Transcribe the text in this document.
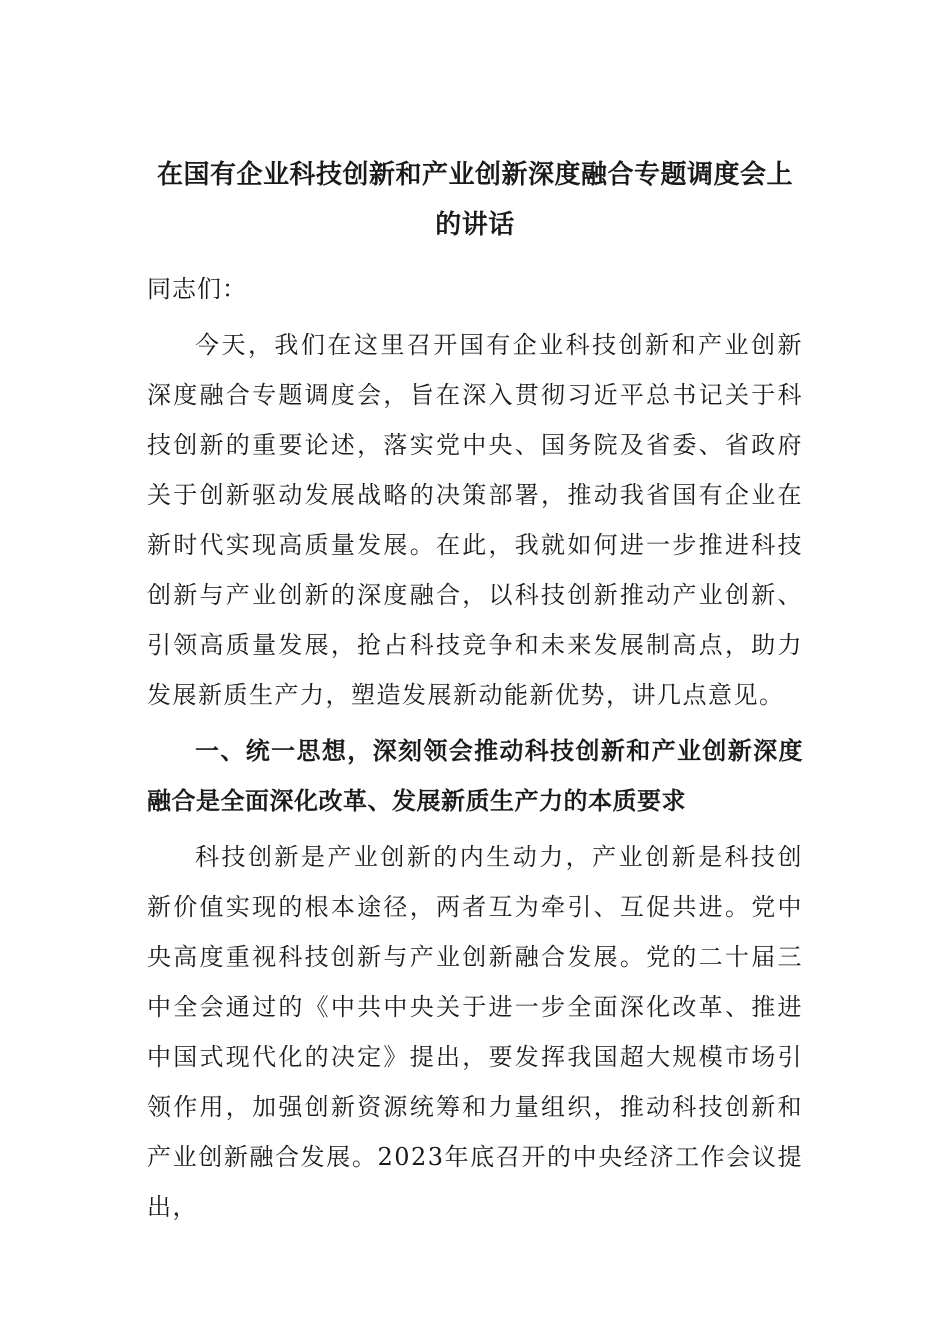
在国有企业科技创新和产业创新深度融合专题调度会上的讲话

同志们：

今天，我们在这里召开国有企业科技创新和产业创新深度融合专题调度会，旨在深入贯彻习近平总书记关于科技创新的重要论述，落实党中央、国务院及省委、省政府关于创新驱动发展战略的决策部署，推动我省国有企业在新时代实现高质量发展。在此，我就如何进一步推进科技创新与产业创新的深度融合，以科技创新推动产业创新、引领高质量发展，抢占科技竞争和未来发展制高点，助力发展新质生产力，塑造发展新动能新优势，讲几点意见。

一、统一思想，深刻领会推动科技创新和产业创新深度融合是全面深化改革、发展新质生产力的本质要求

科技创新是产业创新的内生动力，产业创新是科技创新价值实现的根本途径，两者互为牵引、互促共进。党中央高度重视科技创新与产业创新融合发展。党的二十届三中全会通过的《中共中央关于进一步全面深化改革、推进中国式现代化的决定》提出，要发挥我国超大规模市场引领作用，加强创新资源统筹和力量组织，推动科技创新和产业创新融合发展。2023年底召开的中央经济工作会议提出，
